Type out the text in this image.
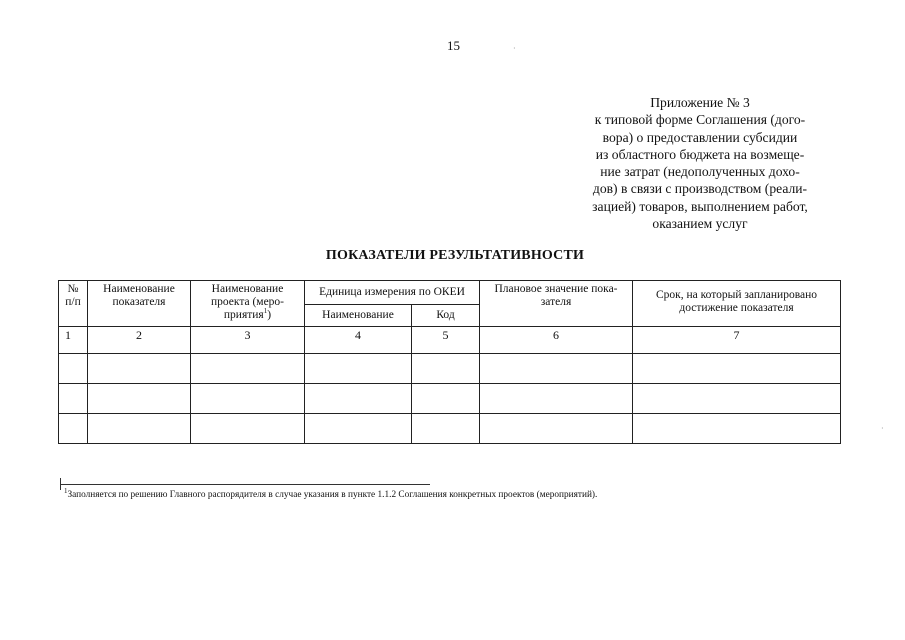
15
Приложение № 3
к типовой форме Соглашения (дого-
вора) о предоставлении субсидии
из областного бюджета на возмеще-
ние затрат (недополученных дохо-
дов) в связи с производством (реали-
зацией) товаров, выполнением работ,
оказанием услуг
ПОКАЗАТЕЛИ РЕЗУЛЬТАТИВНОСТИ
№ п/п	Наименование показателя	Наименование проекта (меро-приятия$^1$)	Единица измерения по ОКЕИ		Плановое значение пока-зателя	Срок, на который запланировано достижение показателя
			Наименование	Код		
1	2	3	4	5	6	7

$^1$Заполняется по решению Главного распорядителя в случае указания в пункте 1.1.2 Соглашения конкретных проектов (мероприятий).
·
·
